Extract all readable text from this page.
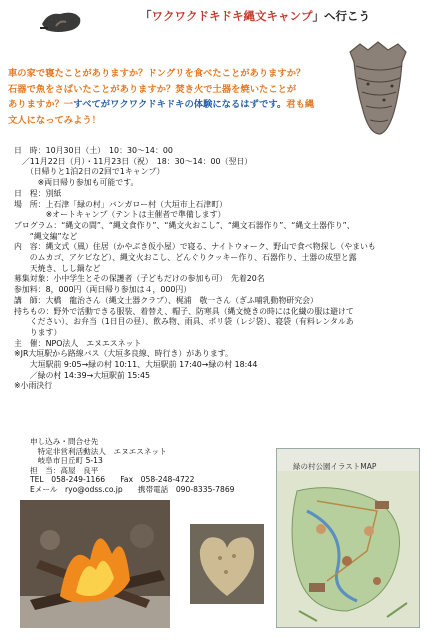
「ワクワクドキドキ縄文キャンプ」へ行こう
車の家で寝たことがありますか？ドングリを食べたことがありますか？
石器で魚をさばいたことがありますか？焚き火で土器を焼いたことが
ありますか？一すべてがワクワクドキドキの体験になるはずです。君も縄
文人になってみよう！
日　時：10月30日（土）　10：30～14：00
　／11月22日（月）・11月23日（祝）　18：30～14：00（翌日）
　　（日帰りと1泊2日の2回で1キャンプ）
　　　※両日帰り参加も可能です。
日　程：別紙
場　所：上石津「緑の村」バンガロー村（大垣市上石津町）
　　　　※オートキャンプ（テントは主催者で準備します）
プログラム：“縄文の間”、“縄文食作り”、“縄文火おこし”、“縄文石器作り”、“縄文土器作り”、
　　“縄文編”など
内　容：縄文式（風）住居（かやぶき仮小屋）で寝る、ナイトウォーク、野山で食べ物探し（やまいも
　　のムカゴ、アケビなど）、縄文火おこし、どんぐりクッキー作り、石器作り、土器の成型と露
　　天焼き、しし鍋など
募集対象：小中学生とその保護者（子どもだけの参加も可）　先着20名
参加料：8，000円（両日帰り参加は４，000円）
講　師：大橋　龍治さん（縄文土器クラブ）、梶浦　敬一さん（ぎふ哺乳動物研究会）
持ちもの：野外で活動できる服装、着替え、帽子、防寒具（縄文焼きの時には化繊の服は避けて
　　ください）、お弁当（1日目の昼）、飲み物、雨具、ポリ袋（レジ袋）、寝袋（有料レンタルあ
　　ります）
主　催：NPO法人　エヌエスネット
※JR大垣駅から路線バス（大垣多良線、時行き）があります。
　　大垣駅前 9:05→緑の村 10:11、大垣駅前 17:40→緑の村 18:44
　　／緑の村 14:39→大垣駅前 15:45
※小雨決行
申し込み・問合せ先
　特定非営利活動法人　エヌエスネット
　岐阜市日丘町 5-13
担　当：高屋　良平
TEL　058-249-1166　　Fax　058-248-4722
Eメール　ryo@odss.co.jp　　携帯電話　090-8335-7869
緑の村公園イラストMAP
